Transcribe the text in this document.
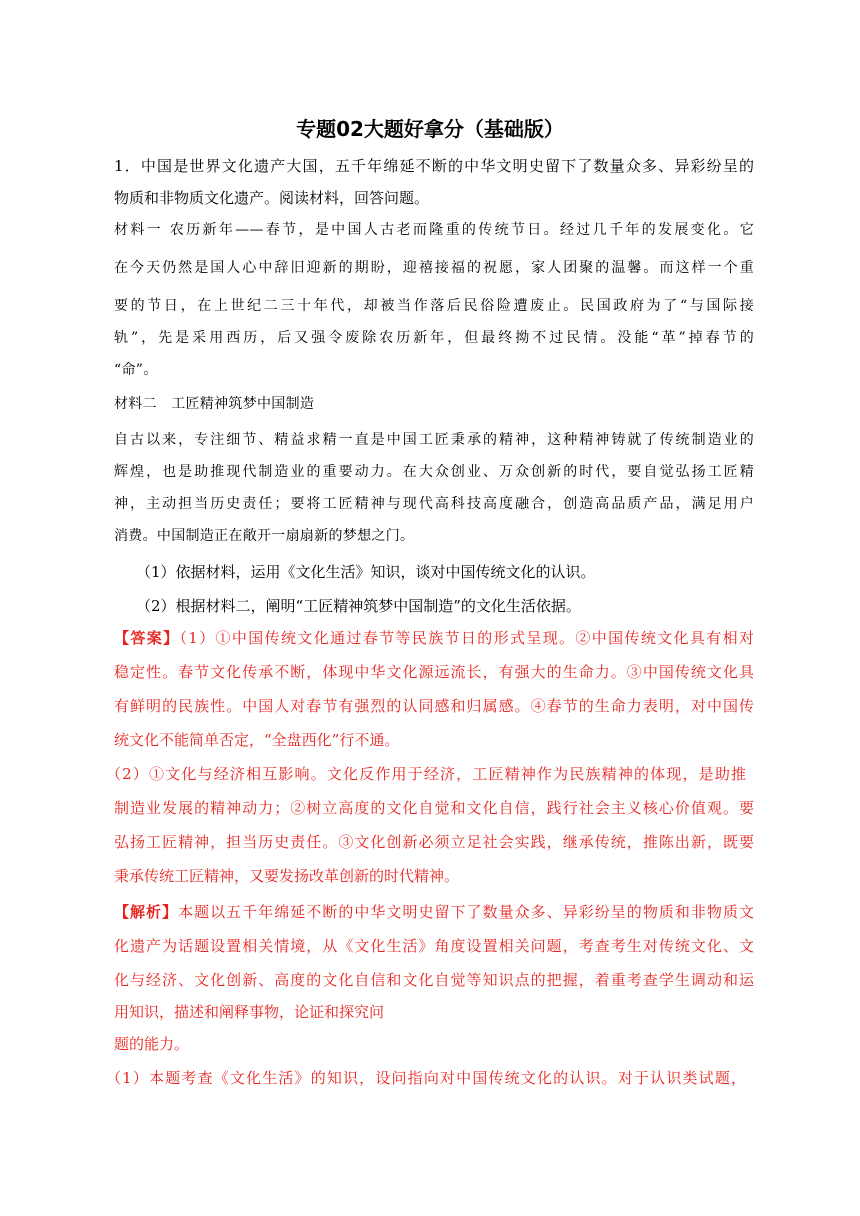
专题02大题好拿分（基础版）
1．中国是世界文化遗产大国，五千年绵延不断的中华文明史留下了数量众多、异彩纷呈的
物质和非物质文化遗产。阅读材料，回答问题。
材料一 农历新年——春节，是中国人古老而隆重的传统节日。经过几千年的发展变化。它
在今天仍然是国人心中辞旧迎新的期盼，迎禧接福的祝愿，家人团聚的温馨。而这样一个重
要的节日，在上世纪二三十年代，却被当作落后民俗险遭废止。民国政府为了“与国际接
轨”，先是采用西历，后又强令废除农历新年，但最终拗不过民情。没能“革”掉春节的
“命”。
材料二　工匠精神筑梦中国制造
自古以来，专注细节、精益求精一直是中国工匠秉承的精神，这种精神铸就了传统制造业的
辉煌，也是助推现代制造业的重要动力。在大众创业、万众创新的时代，要自觉弘扬工匠精
神，主动担当历史责任；要将工匠精神与现代高科技高度融合，创造高品质产品，满足用户
消费。中国制造正在敞开一扇扇新的梦想之门。
（1）依据材料，运用《文化生活》知识，谈对中国传统文化的认识。
（2）根据材料二，阐明“工匠精神筑梦中国制造”的文化生活依据。
【答案】（1）①中国传统文化通过春节等民族节日的形式呈现。②中国传统文化具有相对
稳定性。春节文化传承不断，体现中华文化源远流长，有强大的生命力。③中国传统文化具
有鲜明的民族性。中国人对春节有强烈的认同感和归属感。④春节的生命力表明，对中国传
统文化不能简单否定，“全盘西化”行不通。
（2）①文化与经济相互影响。文化反作用于经济，工匠精神作为民族精神的体现，是助推
制造业发展的精神动力；②树立高度的文化自觉和文化自信，践行社会主义核心价值观。要
弘扬工匠精神，担当历史责任。③文化创新必须立足社会实践，继承传统，推陈出新，既要
秉承传统工匠精神，又要发扬改革创新的时代精神。
【解析】本题以五千年绵延不断的中华文明史留下了数量众多、异彩纷呈的物质和非物质文
化遗产为话题设置相关情境，从《文化生活》角度设置相关问题，考查考生对传统文化、文
化与经济、文化创新、高度的文化自信和文化自觉等知识点的把握，着重考查学生调动和运
用知识，描述和阐释事物，论证和探究问
题的能力。
（1）本题考查《文化生活》的知识，设问指向对中国传统文化的认识。对于认识类试题，
